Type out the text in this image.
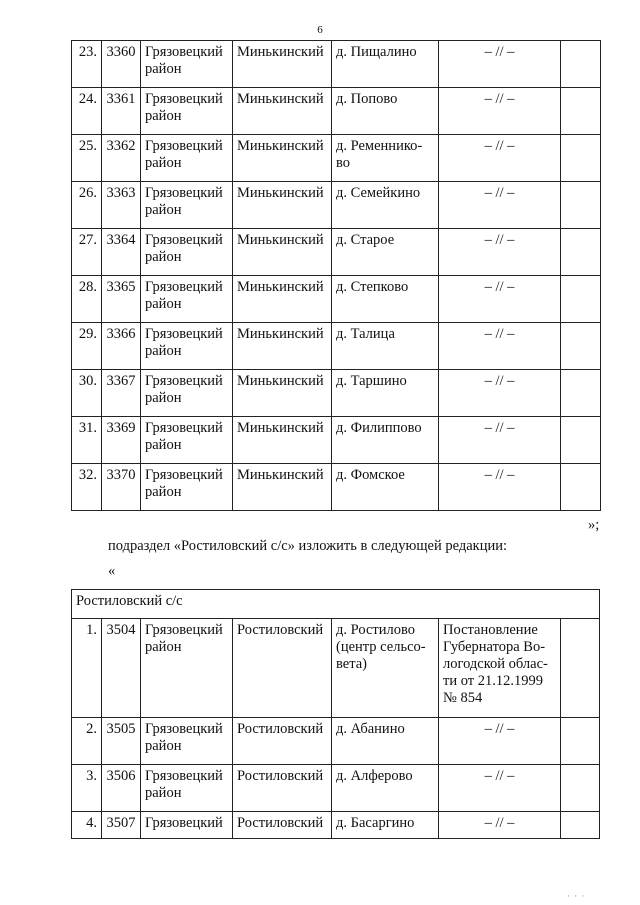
6
23.	3360	Грязовецкий район	Минькинский	д. Пищалино	– // –	
24.	3361	Грязовецкий район	Минькинский	д. Попово	– // –	
25.	3362	Грязовецкий район	Минькинский	д. Ременнико-во	– // –	
26.	3363	Грязовецкий район	Минькинский	д. Семейкино	– // –	
27.	3364	Грязовецкий район	Минькинский	д. Старое	– // –	
28.	3365	Грязовецкий район	Минькинский	д. Степково	– // –	
29.	3366	Грязовецкий район	Минькинский	д. Талица	– // –	
30.	3367	Грязовецкий район	Минькинский	д. Таршино	– // –	
31.	3369	Грязовецкий район	Минькинский	д. Филиппово	– // –	
32.	3370	Грязовецкий район	Минькинский	д. Фомское	– // –	
»;
подраздел «Ростиловский с/с» изложить в следующей редакции:
«
Ростиловский с/с						
1.	3504	Грязовецкий район	Ростиловский	д. Ростилово (центр сельсо-вета)	Постановление Губернатора Во-логодской облас-ти от 21.12.1999 № 854	
2.	3505	Грязовецкий район	Ростиловский	д. Абанино	– // –	
3.	3506	Грязовецкий район	Ростиловский	д. Алферово	– // –	
4.	3507	Грязовецкий	Ростиловский	д. Басаргино	– // –	
· · ·
